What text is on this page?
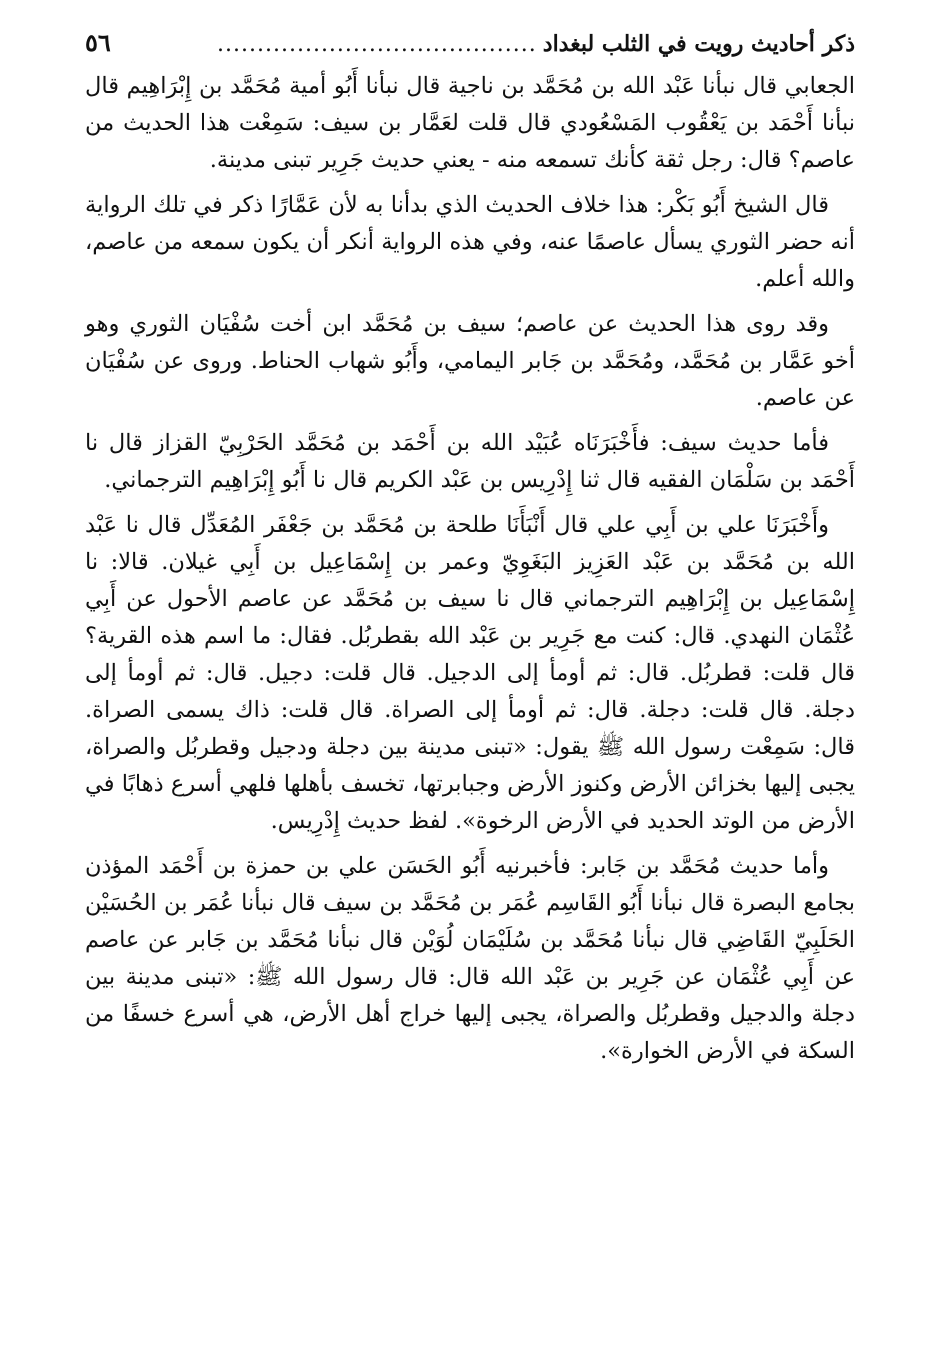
ذكر أحاديث رويت في الثلب لبغداد
........................................
٥٦

الجعابي قال نبأنا عَبْد الله بن مُحَمَّد بن ناجية قال نبأنا أَبُو أمية مُحَمَّد بن إِبْرَاهِيم قال نبأنا أَحْمَد بن يَعْقُوب المَسْعُودي قال قلت لعَمَّار بن سيف: سَمِعْت هذا الحديث من عاصم؟ قال: رجل ثقة كأنك تسمعه منه - يعني حديث جَرِير تبنى مدينة.

قال الشيخ أَبُو بَكْر: هذا خلاف الحديث الذي بدأنا به لأن عَمَّارًا ذكر في تلك الرواية أنه حضر الثوري يسأل عاصمًا عنه، وفي هذه الرواية أنكر أن يكون سمعه من عاصم، والله أعلم.

وقد روى هذا الحديث عن عاصم؛ سيف بن مُحَمَّد ابن أخت سُفْيَان الثوري وهو أخو عَمَّار بن مُحَمَّد، ومُحَمَّد بن جَابر اليمامي، وأَبُو شهاب الحناط. وروى عن سُفْيَان عن عاصم.

فأما حديث سيف: فأَخْبَرَنَاه عُبَيْد الله بن أَحْمَد بن مُحَمَّد الحَرْبِيّ القزاز قال نا أَحْمَد بن سَلْمَان الفقيه قال ثنا إِدْرِيس بن عَبْد الكريم قال نا أَبُو إِبْرَاهِيم الترجماني.

وأَخْبَرَنَا علي بن أَبِي علي قال أَنْبَأَنَا طلحة بن مُحَمَّد بن جَعْفَر المُعَدِّل قال نا عَبْد الله بن مُحَمَّد بن عَبْد العَزِيز البَغَوِيّ وعمر بن إِسْمَاعِيل بن أَبِي غيلان. قالا: نا إِسْمَاعِيل بن إِبْرَاهِيم الترجماني قال نا سيف بن مُحَمَّد عن عاصم الأحول عن أَبِي عُثْمَان النهدي. قال: كنت مع جَرِير بن عَبْد الله بقطربُل. فقال: ما اسم هذه القرية؟ قال قلت: قطربُل. قال: ثم أومأ إلى الدجيل. قال قلت: دجيل. قال: ثم أومأ إلى دجلة. قال قلت: دجلة. قال: ثم أومأ إلى الصراة. قال قلت: ذاك يسمى الصراة. قال: سَمِعْت رسول الله ﷺ يقول: «تبنى مدينة بين دجلة ودجيل وقطربُل والصراة، يجبى إليها بخزائن الأرض وكنوز الأرض وجبابرتها، تخسف بأهلها فلهي أسرع ذهابًا في الأرض من الوتد الحديد في الأرض الرخوة». لفظ حديث إِدْرِيس.

وأما حديث مُحَمَّد بن جَابر: فأخبرنيه أَبُو الحَسَن علي بن حمزة بن أَحْمَد المؤذن بجامع البصرة قال نبأنا أَبُو القَاسِم عُمَر بن مُحَمَّد بن سيف قال نبأنا عُمَر بن الحُسَيْن الحَلَبِيّ القَاضِي قال نبأنا مُحَمَّد بن سُلَيْمَان لُوَيْن قال نبأنا مُحَمَّد بن جَابر عن عاصم عن أَبِي عُثْمَان عن جَرِير بن عَبْد الله قال: قال رسول الله ﷺ: «تبنى مدينة بين دجلة والدجيل وقطربُل والصراة، يجبى إليها خراج أهل الأرض، هي أسرع خسفًا من السكة في الأرض الخوارة».
